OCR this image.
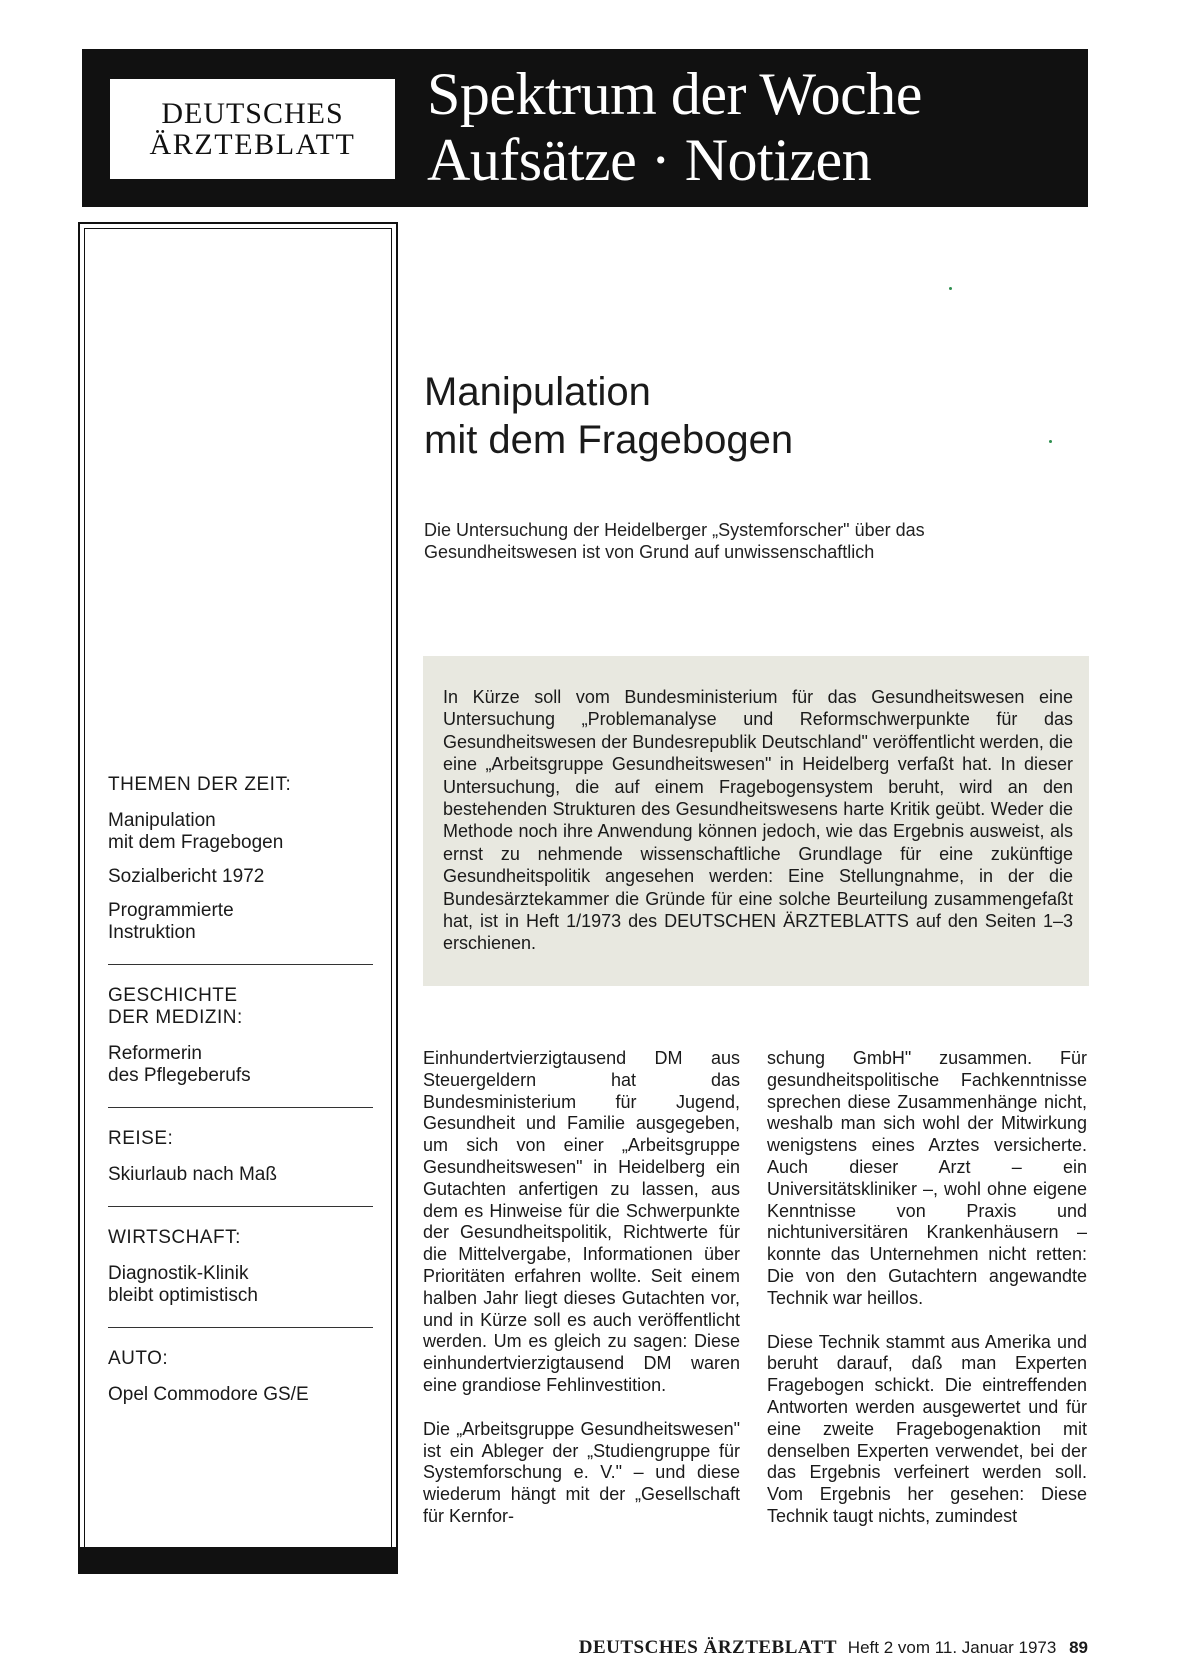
DEUTSCHES
ÄRZTEBLATT
Spektrum der Woche
Aufsätze · Notizen
THEMEN DER ZEIT:
Manipulation
mit dem Fragebogen
Sozialbericht 1972
Programmierte
Instruktion
GESCHICHTE
DER MEDIZIN:
Reformerin
des Pflegeberufs
REISE:
Skiurlaub nach Maß
WIRTSCHAFT:
Diagnostik-Klinik
bleibt optimistisch
AUTO:
Opel Commodore GS/E
Manipulation
mit dem Fragebogen
Die Untersuchung der Heidelberger „Systemforscher" über das
Gesundheitswesen ist von Grund auf unwissenschaftlich
In Kürze soll vom Bundesministerium für das Gesundheitswesen eine Untersuchung „Problemanalyse und Reformschwerpunkte für das Gesundheitswesen der Bundesrepublik Deutschland" veröffentlicht werden, die eine „Arbeitsgruppe Gesundheitswesen" in Heidelberg verfaßt hat. In dieser Untersuchung, die auf einem Fragebogensystem beruht, wird an den bestehenden Strukturen des Gesundheitswesens harte Kritik geübt. Weder die Methode noch ihre Anwendung können jedoch, wie das Ergebnis ausweist, als ernst zu nehmende wissenschaftliche Grundlage für eine zukünftige Gesundheitspolitik angesehen werden: Eine Stellungnahme, in der die Bundesärztekammer die Gründe für eine solche Beurteilung zusammengefaßt hat, ist in Heft 1/1973 des DEUTSCHEN ÄRZTEBLATTS auf den Seiten 1–3 erschienen.

Einhundertvierzigtausend DM aus Steuergeldern hat das Bundesministerium für Jugend, Gesundheit und Familie ausgegeben, um sich von einer „Arbeitsgruppe Gesundheitswesen" in Heidelberg ein Gutachten anfertigen zu lassen, aus dem es Hinweise für die Schwerpunkte der Gesundheitspolitik, Richtwerte für die Mittelvergabe, Informationen über Prioritäten erfahren wollte. Seit einem halben Jahr liegt dieses Gutachten vor, und in Kürze soll es auch veröffentlicht werden. Um es gleich zu sagen: Diese einhundertvierzigtausend DM waren eine grandiose Fehlinvestition.

Die „Arbeitsgruppe Gesundheitswesen" ist ein Ableger der „Studiengruppe für Systemforschung e. V." – und diese wiederum hängt mit der „Gesellschaft für Kernfor-

schung GmbH" zusammen. Für gesundheitspolitische Fachkenntnisse sprechen diese Zusammenhänge nicht, weshalb man sich wohl der Mitwirkung wenigstens eines Arztes versicherte. Auch dieser Arzt – ein Universitätskliniker –, wohl ohne eigene Kenntnisse von Praxis und nichtuniversitären Krankenhäusern – konnte das Unternehmen nicht retten: Die von den Gutachtern angewandte Technik war heillos.

Diese Technik stammt aus Amerika und beruht darauf, daß man Experten Fragebogen schickt. Die eintreffenden Antworten werden ausgewertet und für eine zweite Fragebogenaktion mit denselben Experten verwendet, bei der das Ergebnis verfeinert werden soll. Vom Ergebnis her gesehen: Diese Technik taugt nichts, zumindest

DEUTSCHES ÄRZTEBLATT Heft 2 vom 11. Januar 1973 89
